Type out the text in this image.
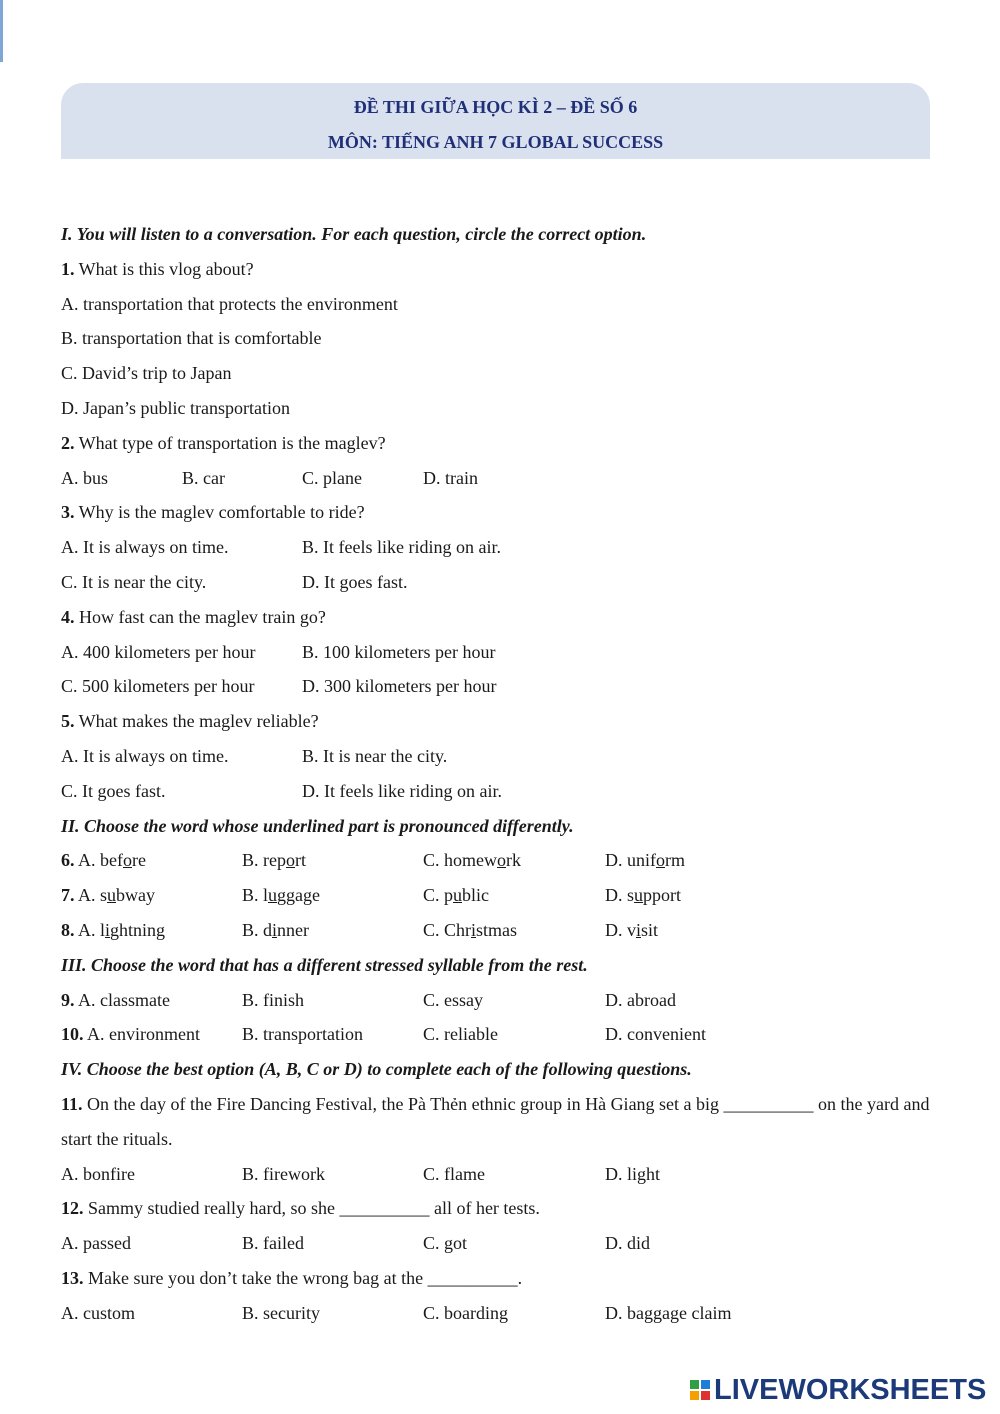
ĐỀ THI GIỮA HỌC KÌ 2 – ĐỀ SỐ 6
MÔN: TIẾNG ANH 7 GLOBAL SUCCESS
I. You will listen to a conversation. For each question, circle the correct option.
1. What is this vlog about?
A. transportation that protects the environment
B. transportation that is comfortable
C. David’s trip to Japan
D. Japan’s public transportation
2. What type of transportation is the maglev?
A. bus	B. car	C. plane	D. train
3. Why is the maglev comfortable to ride?
A. It is always on time.	B. It feels like riding on air.
C. It is near the city.	D. It goes fast.
4. How fast can the maglev train go?
A. 400 kilometers per hour	B. 100 kilometers per hour
C. 500 kilometers per hour	D. 300 kilometers per hour
5. What makes the maglev reliable?
A. It is always on time.	B. It is near the city.
C. It goes fast.	D. It feels like riding on air.
II. Choose the word whose underlined part is pronounced differently.
6. A. before	B. report	C. homework	D. uniform
7. A. subway	B. luggage	C. public	D. support
8. A. lightning	B. dinner	C. Christmas	D. visit
III. Choose the word that has a different stressed syllable from the rest.
9. A. classmate	B. finish	C. essay	D. abroad
10. A. environment B. transportation	C. reliable	D. convenient
IV. Choose the best option (A, B, C or D) to complete each of the following questions.
11. On the day of the Fire Dancing Festival, the Pà Thẻn ethnic group in Hà Giang set a big __________ on the yard and start the rituals.
A. bonfire	B. firework	C. flame	D. light
12. Sammy studied really hard, so she __________ all of her tests.
A. passed	B. failed	C. got	D. did
13. Make sure you don’t take the wrong bag at the __________.
A. custom	B. security	C. boarding	D. baggage claim
LIVEWORKSHEETS
